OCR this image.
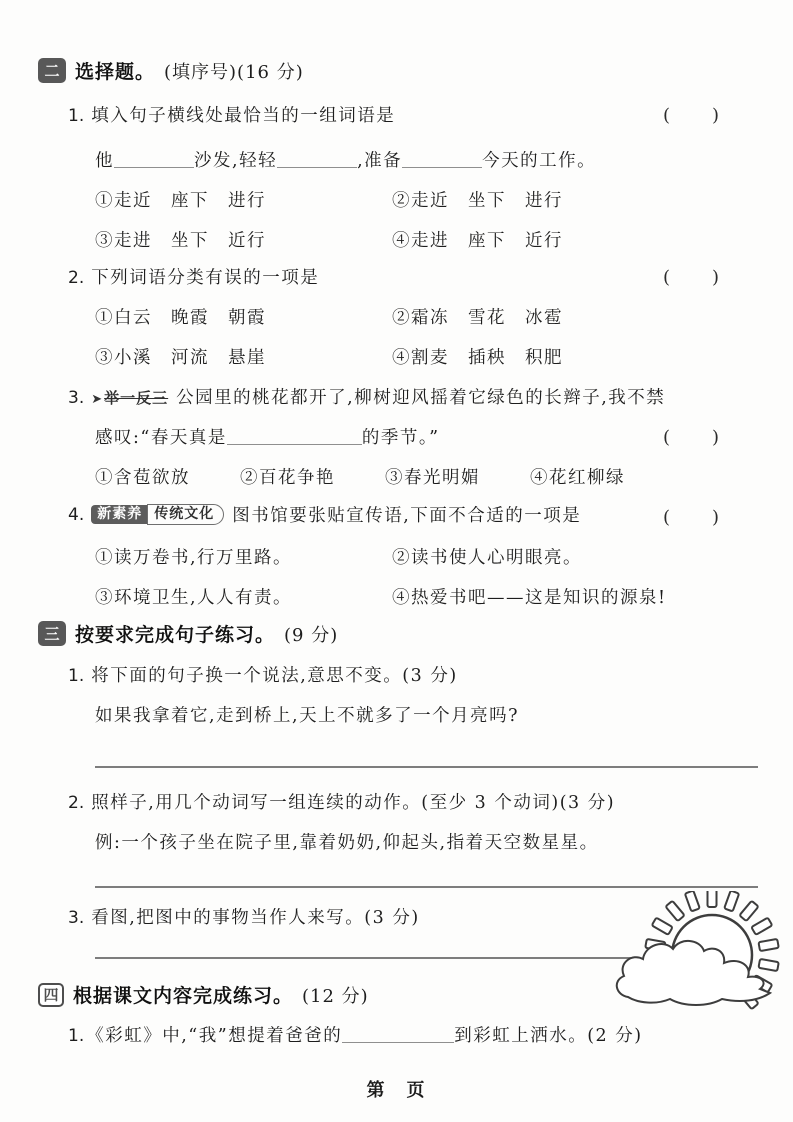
二 选择题。 (填序号)(16 分)
1. 填入句子横线处最恰当的一组词语是	(　　)
他	沙发,轻轻	,准备	今天的工作。
①走近　座下　进行	②走近　坐下　进行
③走进　坐下　近行	④走进　座下　近行
2. 下列词语分类有误的一项是	(　　)
①白云　晚霞　朝霞	②霜冻　雪花　冰雹
③小溪　河流　悬崖	④割麦　插秧　积肥
3. ➤ 举一反三 公园里的桃花都开了,柳树迎风摇着它绿色的长辫子,我不禁
感叹:“春天真是	的季节。”	(　　)
①含苞欲放	②百花争艳	③春光明媚	④花红柳绿
4. 新素养 传统文化	图书馆要张贴宣传语,下面不合适的一项是	(　　)
①读万卷书,行万里路。	②读书使人心明眼亮。
③环境卫生,人人有责。	④热爱书吧——这是知识的源泉!
三 按要求完成句子练习。 (9 分)
1. 将下面的句子换一个说法,意思不变。(3 分)
如果我拿着它,走到桥上,天上不就多了一个月亮吗?
2. 照样子,用几个动词写一组连续的动作。(至少 3 个动词)(3 分)
例:一个孩子坐在院子里,靠着奶奶,仰起头,指着天空数星星。
3. 看图,把图中的事物当作人来写。(3 分)
四 根据课文内容完成练习。 (12 分)
1. 《彩虹》中,“我”想提着爸爸的	到彩虹上洒水。(2 分)
第　页
